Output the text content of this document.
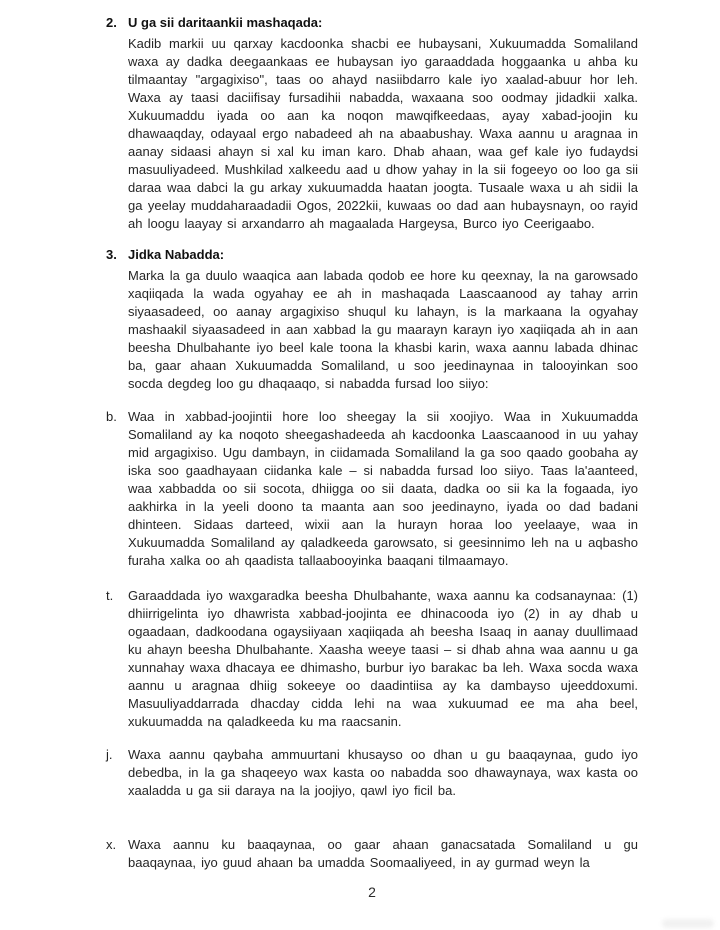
2. U ga sii daritaankii mashaqada:

Kadib markii uu qarxay kacdoonka shacbi ee hubaysani, Xukuumadda Somaliland waxa ay dadka deegaankaas ee hubaysan iyo garaaddada hoggaanka u ahba ku tilmaantay "argagixiso", taas oo ahayd nasiibdarro kale iyo xaalad-abuur hor leh. Waxa ay taasi daciifisay fursadihii nabadda, waxaana soo oodmay jidadkii xalka. Xukuumaddu iyada oo aan ka noqon mawqifkeedaas, ayay xabad-joojin ku dhawaaqday, odayaal ergo nabadeed ah na abaabushay. Waxa aannu u aragnaa in aanay sidaasi ahayn si xal ku iman karo. Dhab ahaan, waa gef kale iyo fudaydsi masuuliyadeed. Mushkilad xalkeedu aad u dhow yahay in la sii fogeeyo oo loo ga sii daraa waa dabci la gu arkay xukuumadda haatan joogta. Tusaale waxa u ah sidii la ga yeelay muddaharaadadii Ogos, 2022kii, kuwaas oo dad aan hubaysnayn, oo rayid ah loogu laayay si arxandarro ah magaalada Hargeysa, Burco iyo Ceerigaabo.

3. Jidka Nabadda:

Marka la ga duulo waaqica aan labada qodob ee hore ku qeexnay, la na garowsado xaqiiqada la wada ogyahay ee ah in mashaqada Laascaanood ay tahay arrin siyaasadeed, oo aanay argagixiso shuqul ku lahayn, is la markaana la ogyahay mashaakil siyaasadeed in aan xabbad la gu maarayn karayn iyo xaqiiqada ah in aan beesha Dhulbahante iyo beel kale toona la khasbi karin, waxa aannu labada dhinac ba, gaar ahaan Xukuumadda Somaliland, u soo jeedinaynaa in talooyinkan soo socda degdeg loo gu dhaqaaqo, si nabadda fursad loo siiyo:

b. Waa in xabbad-joojintii hore loo sheegay la sii xoojiyo. Waa in Xukuumadda Somaliland ay ka noqoto sheegashadeeda ah kacdoonka Laascaanood in uu yahay mid argagixiso. Ugu dambayn, in ciidamada Somaliland la ga soo qaado goobaha ay iska soo gaadhayaan ciidanka kale – si nabadda fursad loo siiyo. Taas la'aanteed, waa xabbadda oo sii socota, dhiigga oo sii daata, dadka oo sii ka la fogaada, iyo aakhirka in la yeeli doono ta maanta aan soo jeedinayno, iyada oo dad badani dhinteen. Sidaas darteed, wixii aan la hurayn horaa loo yeelaaye, waa in Xukuumadda Somaliland ay qaladkeeda garowsato, si geesinnimo leh na u aqbasho furaha xalka oo ah qaadista tallaabooyinka baaqani tilmaamayo.

t.	Garaaddada iyo waxgaradka beesha Dhulbahante, waxa aannu ka codsanaynaa: (1) dhiirrigelinta iyo dhawrista xabbad-joojinta ee dhinacooda iyo (2) in ay dhab u ogaadaan, dadkoodana ogaysiiyaan xaqiiqada ah beesha Isaaq in aanay duullimaad ku ahayn beesha Dhulbahante. Xaasha weeye taasi – si dhab ahna waa aannu u ga xunnahay waxa dhacaya ee dhimasho, burbur iyo barakac ba leh. Waxa socda waxa aannu u aragnaa dhiig sokeeye oo daadintiisa ay ka dambayso ujeeddoxumi. Masuuliyaddarrada dhacday cidda lehi na waa xukuumad ee ma aha beel, xukuumadda na qaladkeeda ku ma raacsanin.

j.	Waxa aannu qaybaha ammuurtani khusayso oo dhan u gu baaqaynaa, gudo iyo debedba, in la ga shaqeeyo wax kasta oo nabadda soo dhawaynaya, wax kasta oo xaaladda u ga sii daraya na la joojiyo, qawl iyo ficil ba.

x. Waxa aannu ku baaqaynaa, oo gaar ahaan ganacsatada Somaliland u gu baaqaynaa, iyo guud ahaan ba umadda Soomaaliyeed, in ay gurmad weyn la

2
